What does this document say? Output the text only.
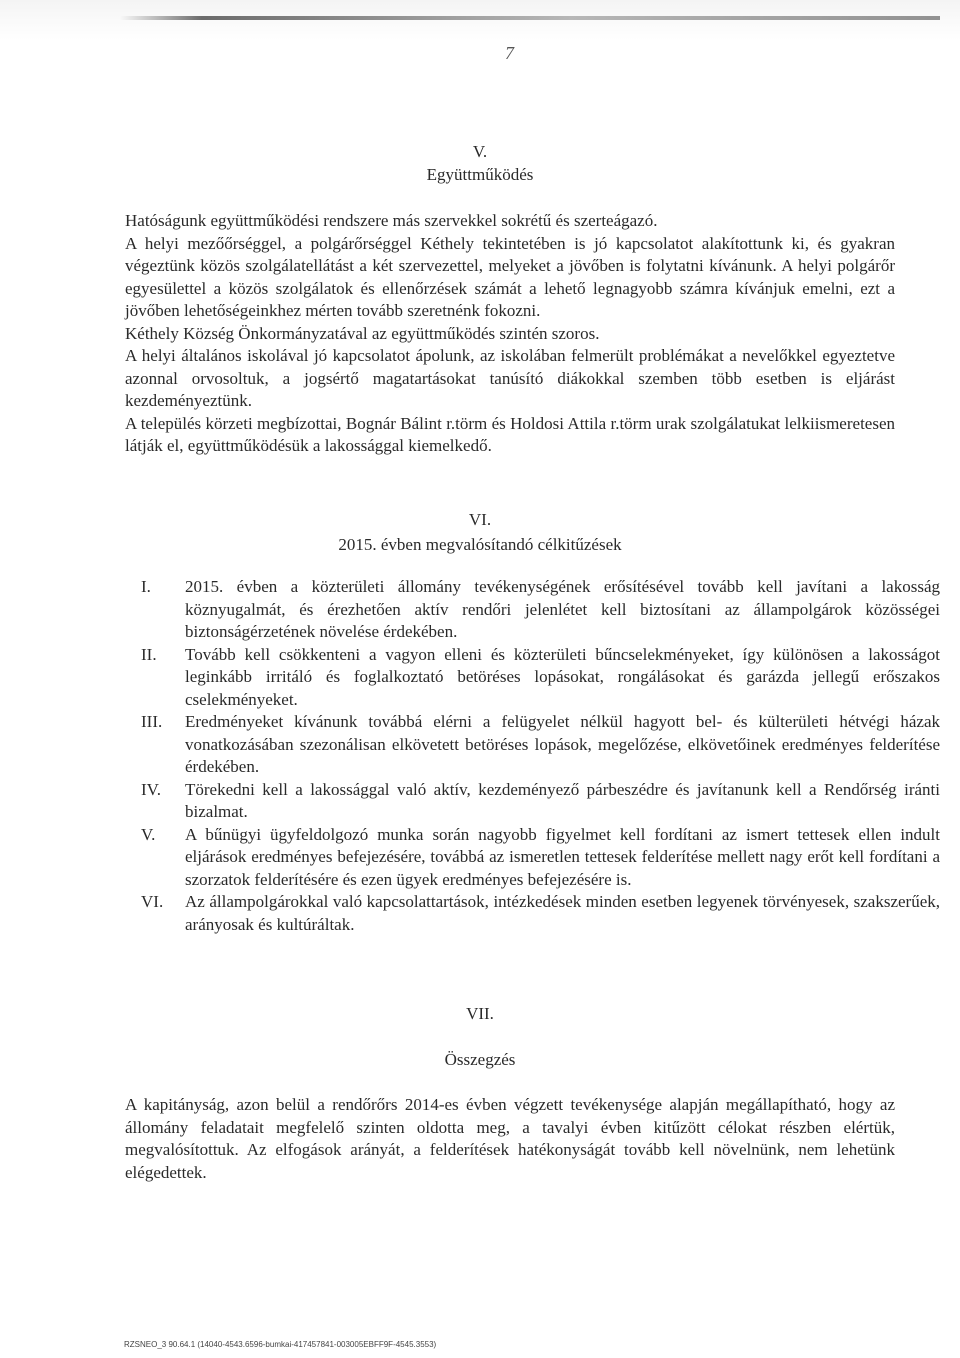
7
V.
Együttműködés

Hatóságunk együttműködési rendszere más szervekkel sokrétű és szerteágazó.

A helyi mezőőrséggel, a polgárőrséggel Kéthely tekintetében is jó kapcsolatot alakítottunk ki, és gyakran végeztünk közös szolgálatellátást a két szervezettel, melyeket a jövőben is folytatni kívánunk. A helyi polgárőr egyesülettel a közös szolgálatok és ellenőrzések számát a lehető legnagyobb számra kívánjuk emelni, ezt a jövőben lehetőségeinkhez mérten tovább szeretnénk fokozni.

Kéthely Község Önkormányzatával az együttműködés szintén szoros.

A helyi általános iskolával jó kapcsolatot ápolunk, az iskolában felmerült problémákat a nevelőkkel egyeztetve azonnal orvosoltuk, a jogsértő magatartásokat tanúsító diákokkal szemben több esetben is eljárást kezdeményeztünk.

A település körzeti megbízottai, Bognár Bálint r.törm és Holdosi Attila r.törm urak szolgálatukat lelkiismeretesen látják el, együttműködésük a lakossággal kiemelkedő.

VI.
2015. évben megvalósítandó célkitűzések
I. 2015. évben a közterületi állomány tevékenységének erősítésével tovább kell javítani a lakosság köznyugalmát, és érezhetően aktív rendőri jelenlétet kell biztosítani az állampolgárok közösségei biztonságérzetének növelése érdekében.
II. Tovább kell csökkenteni a vagyon elleni és közterületi bűncselekményeket, így különösen a lakosságot leginkább irritáló és foglalkoztató betöréses lopásokat, rongálásokat és garázda jellegű erőszakos cselekményeket.
III. Eredményeket kívánunk továbbá elérni a felügyelet nélkül hagyott bel- és külterületi hétvégi házak vonatkozásában szezonálisan elkövetett betöréses lopások, megelőzése, elkövetőinek eredményes felderítése érdekében.
IV. Törekedni kell a lakossággal való aktív, kezdeményező párbeszédre és javítanunk kell a Rendőrség iránti bizalmat.
V. A bűnügyi ügyfeldolgozó munka során nagyobb figyelmet kell fordítani az ismert tettesek ellen indult eljárások eredményes befejezésére, továbbá az ismeretlen tettesek felderítése mellett nagy erőt kell fordítani a szorzatok felderítésére és ezen ügyek eredményes befejezésére is.
VI. Az állampolgárokkal való kapcsolattartások, intézkedések minden esetben legyenek törvényesek, szakszerűek, arányosak és kultúráltak.
VII.
Összegzés

A kapitányság, azon belül a rendőrőrs 2014-es évben végzett tevékenysége alapján megállapítható, hogy az állomány feladatait megfelelő szinten oldotta meg, a tavalyi évben kitűzött célokat részben elértük, megvalósítottuk. Az elfogások arányát, a felderítések hatékonyságát tovább kell növelnünk, nem lehetünk elégedettek.

RZSNEO_3 90.64.1 (14040-4543.6596-bumkai-417457841-003005EBFF9F-4545.3553)
